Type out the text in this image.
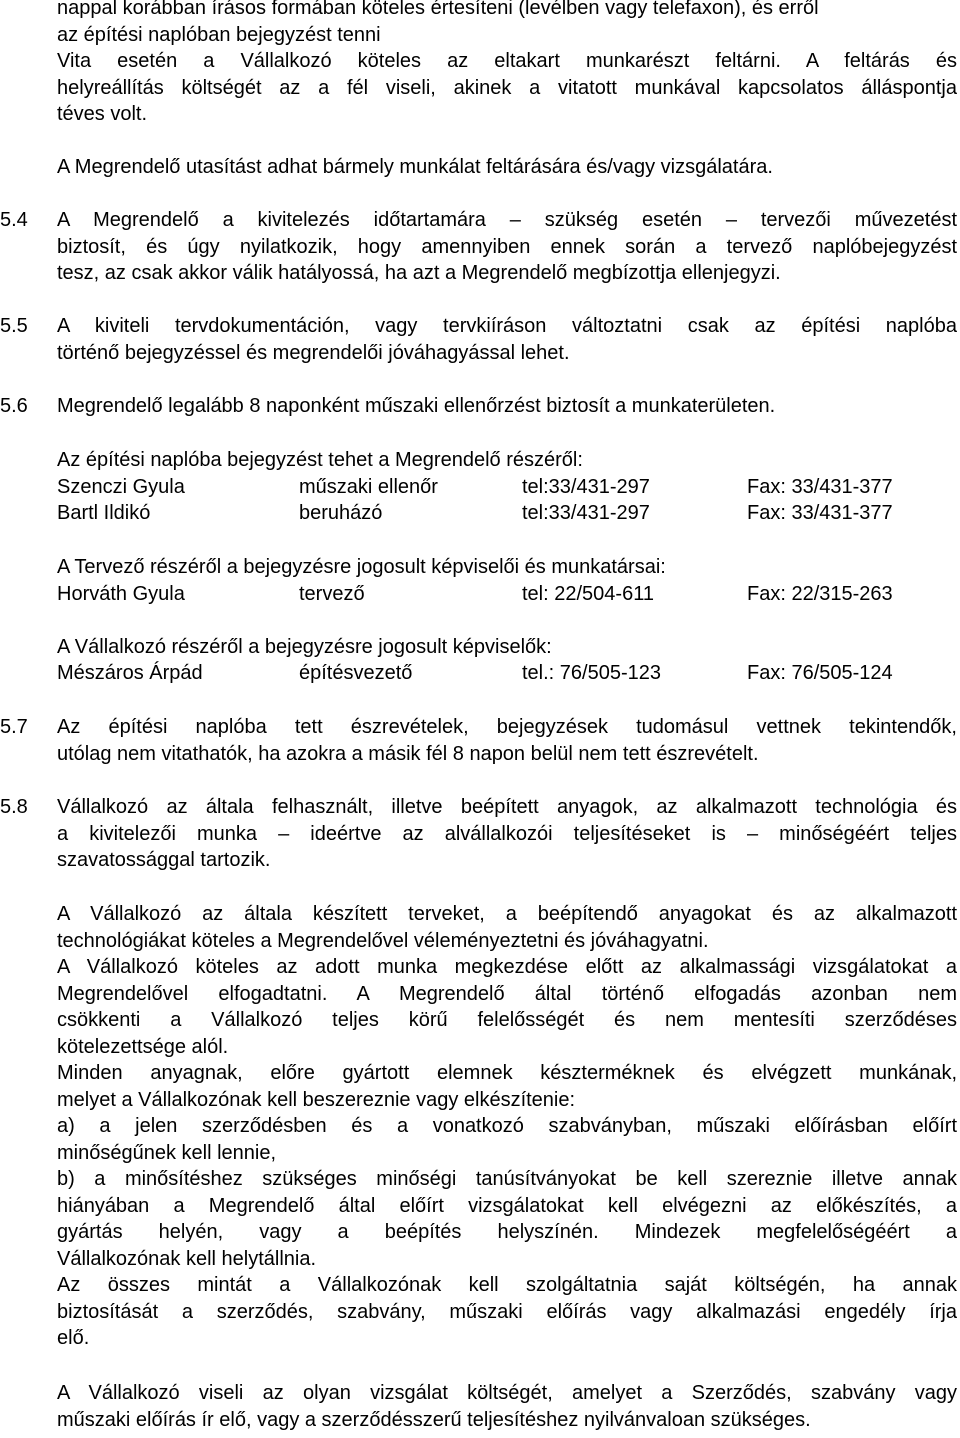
nappal korábban írásos formában köteles értesíteni (levélben vagy telefaxon), és erről

az építési naplóban bejegyzést tenni

Vita esetén a Vállalkozó köteles az eltakart munkarészt feltárni. A feltárás és

helyreállítás költségét az a fél viseli, akinek a vitatott munkával kapcsolatos álláspontja

téves volt.

A Megrendelő utasítást adhat bármely munkálat feltárására és/vagy vizsgálatára.

5.4	A Megrendelő a kivitelezés időtartamára – szükség esetén – tervezői művezetést

biztosít, és úgy nyilatkozik, hogy amennyiben ennek során a tervező naplóbejegyzést

tesz, az csak akkor válik hatályossá, ha azt a Megrendelő megbízottja ellenjegyzi.

5.5	A kiviteli tervdokumentáción, vagy tervkiíráson változtatni csak az építési naplóba

történő bejegyzéssel és megrendelői jóváhagyással lehet.

5.6	Megrendelő legalább 8 naponként műszaki ellenőrzést biztosít a munkaterületen.

Az építési naplóba bejegyzést tehet a Megrendelő részéről:

Szenczi Gyula	műszaki ellenőr	tel:33/431-297	Fax: 33/431-377
Bartl Ildikó	beruházó	tel:33/431-297	Fax: 33/431-377

A Tervező részéről a bejegyzésre jogosult képviselői és munkatársai:

Horváth Gyula	tervező	tel: 22/504-611	Fax: 22/315-263

A Vállalkozó részéről a bejegyzésre jogosult képviselők:

Mészáros Árpád	építésvezető	tel.: 76/505-123	Fax: 76/505-124
5.7	Az építési naplóba tett észrevételek, bejegyzések tudomásul vettnek tekintendők,

utólag nem vitathatók, ha azokra a másik fél 8 napon belül nem tett észrevételt.

5.8	Vállalkozó az általa felhasznált, illetve beépített anyagok, az alkalmazott technológia és

a kivitelezői munka – ideértve az alvállalkozói teljesítéseket is – minőségéért teljes

szavatossággal tartozik.

A Vállalkozó az általa készített terveket, a beépítendő anyagokat és az alkalmazott

technológiákat köteles a Megrendelővel véleményeztetni és jóváhagyatni.

A Vállalkozó köteles az adott munka megkezdése előtt az alkalmassági vizsgálatokat a

Megrendelővel elfogadtatni. A Megrendelő által történő elfogadás azonban nem

csökkenti a Vállalkozó teljes körű felelősségét és nem mentesíti szerződéses

kötelezettsége alól.

Minden anyagnak, előre gyártott elemnek készterméknek és elvégzett munkának,

melyet a Vállalkozónak kell beszereznie vagy elkészítenie:

a) a jelen szerződésben és a vonatkozó szabványban, műszaki előírásban előírt

minőségűnek kell lennie,

b) a minősítéshez szükséges minőségi tanúsítványokat be kell szereznie illetve annak

hiányában a Megrendelő által előírt vizsgálatokat kell elvégezni az előkészítés, a

gyártás helyén, vagy a beépítés helyszínén. Mindezek megfelelőségéért a

Vállalkozónak kell helytállnia.

Az összes mintát a Vállalkozónak kell szolgáltatnia saját költségén, ha annak

biztosítását a szerződés, szabvány, műszaki előírás vagy alkalmazási engedély írja

elő.

A Vállalkozó viseli az olyan vizsgálat költségét, amelyet a Szerződés, szabvány vagy

műszaki előírás ír elő, vagy a szerződésszerű teljesítéshez nyilvánvaloan szükséges.
